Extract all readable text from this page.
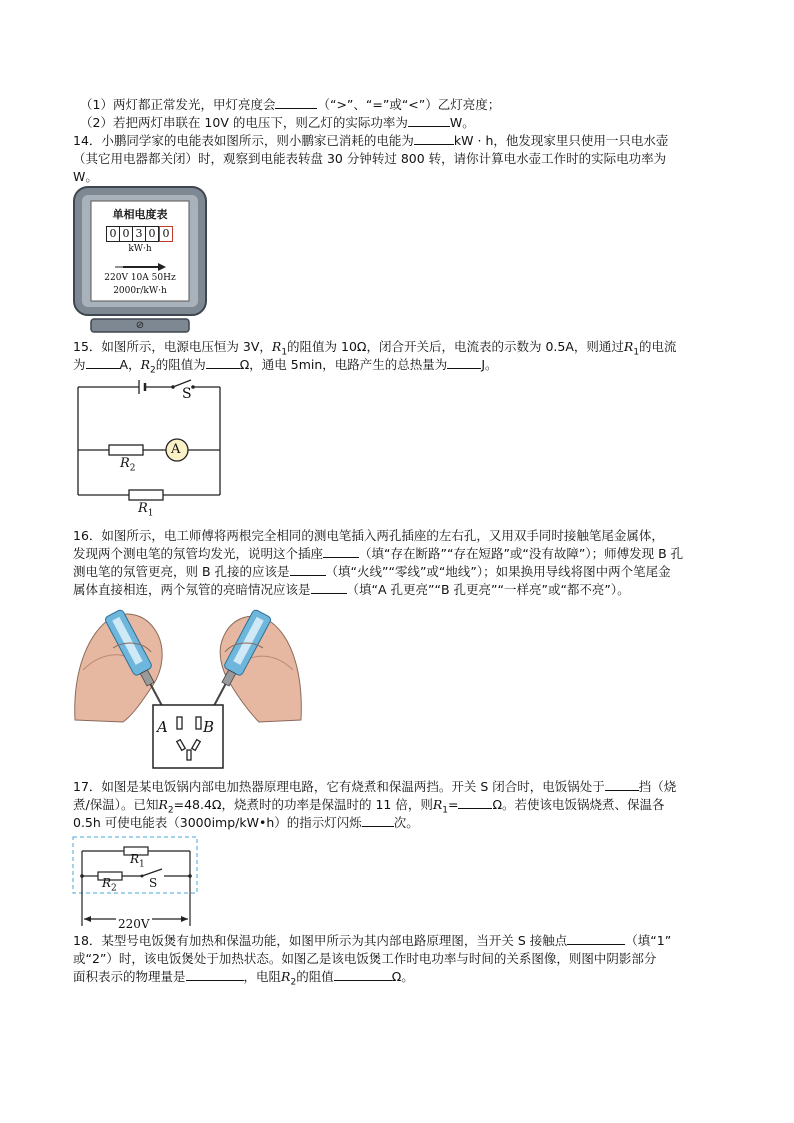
（1）两灯都正常发光，甲灯亮度会	（“>”、“=”或“<”）乙灯亮度；
（2）若把两灯串联在 10V 的电压下，则乙灯的实际功率为	W。
14．小鹏同学家的电能表如图所示，则小鹏家已消耗的电能为	kW · h，他发现家里只使用一只电水壶
（其它用电器都关闭）时，观察到电能表转盘 30 分钟转过 800 转，请你计算电水壶工作时的实际电功率为
W。
单相电度表
0 0 3 0 0
kW·h
220V 10A 50Hz
2000r/kW·h
⊘
15．如图所示，电源电压恒为 3V，$R_1$的阻值为 10Ω，闭合开关后，电流表的示数为 0.5A，则通过$R_1$的电流
为	A，$R_2$的阻值为	Ω，通电 5min，电路产生的总热量为	J。
S
A
$R_2$
$R_1$
16．如图所示，电工师傅将两根完全相同的测电笔插入两孔插座的左右孔，又用双手同时接触笔尾金属体，
发现两个测电笔的氖管均发光，说明这个插座	（填“存在断路”“存在短路”或“没有故障”）；师傅发现 B 孔
测电笔的氖管更亮，则 B 孔接的应该是	（填“火线”“零线”或“地线”）；如果换用导线将图中两个笔尾金
属体直接相连，两个氖管的亮暗情况应该是	（填“A 孔更亮”“B 孔更亮”“一样亮”或“都不亮”）。
A B
17．如图是某电饭锅内部电加热器原理电路，它有烧煮和保温两挡。开关 S 闭合时，电饭锅处于	挡（烧
煮/保温）。已知$R_2=48.4\Omega$，烧煮时的功率是保温时的 11 倍，则$R_1=$	Ω。若使该电饭锅烧煮、保温各
0.5h 可使电能表（3000imp/kW•h）的指示灯闪烁	次。
$R_1$
$R_2$	S
220V
18．某型号电饭煲有加热和保温功能，如图甲所示为其内部电路原理图，当开关 S 接触点	（填“1”
或“2”）时，该电饭煲处于加热状态。如图乙是该电饭煲工作时电功率与时间的关系图像，则图中阴影部分
面积表示的物理量是	，电阻$R_2$的阻值	Ω。
